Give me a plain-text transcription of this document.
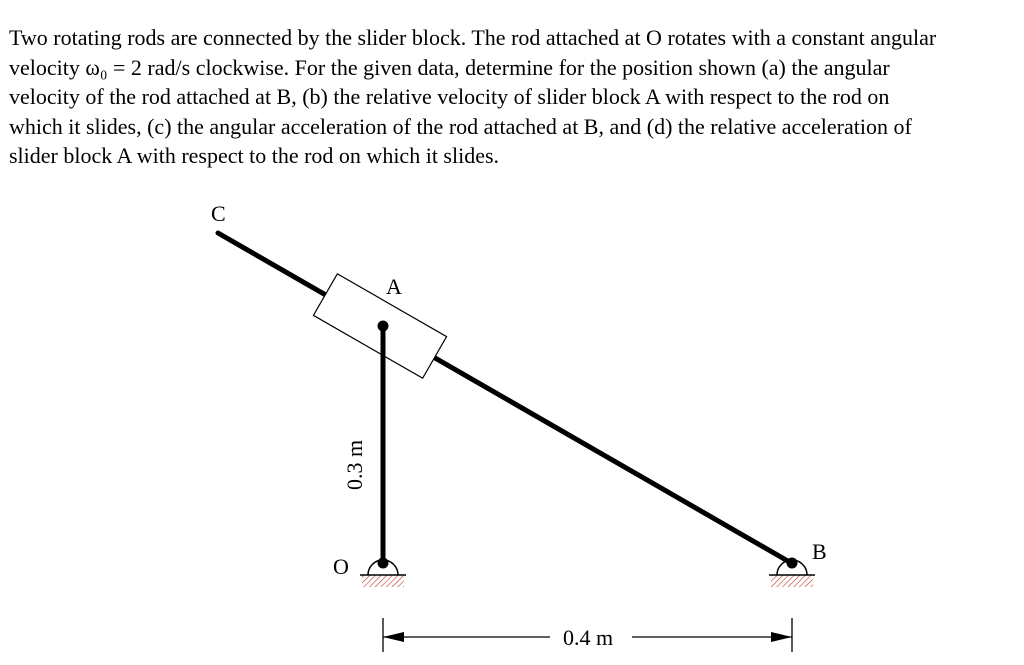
Two rotating rods are connected by the slider block. The rod attached at O rotates with a constant angular
velocity ω₀ = 2 rad/s clockwise. For the given data, determine for the position shown (a) the angular
velocity of the rod attached at B, (b) the relative velocity of slider block A with respect to the rod on
which it slides, (c) the angular acceleration of the rod attached at B, and (d) the relative acceleration of
slider block A with respect to the rod on which it slides.
C
A
O
B
0.3 m
0.4 m
